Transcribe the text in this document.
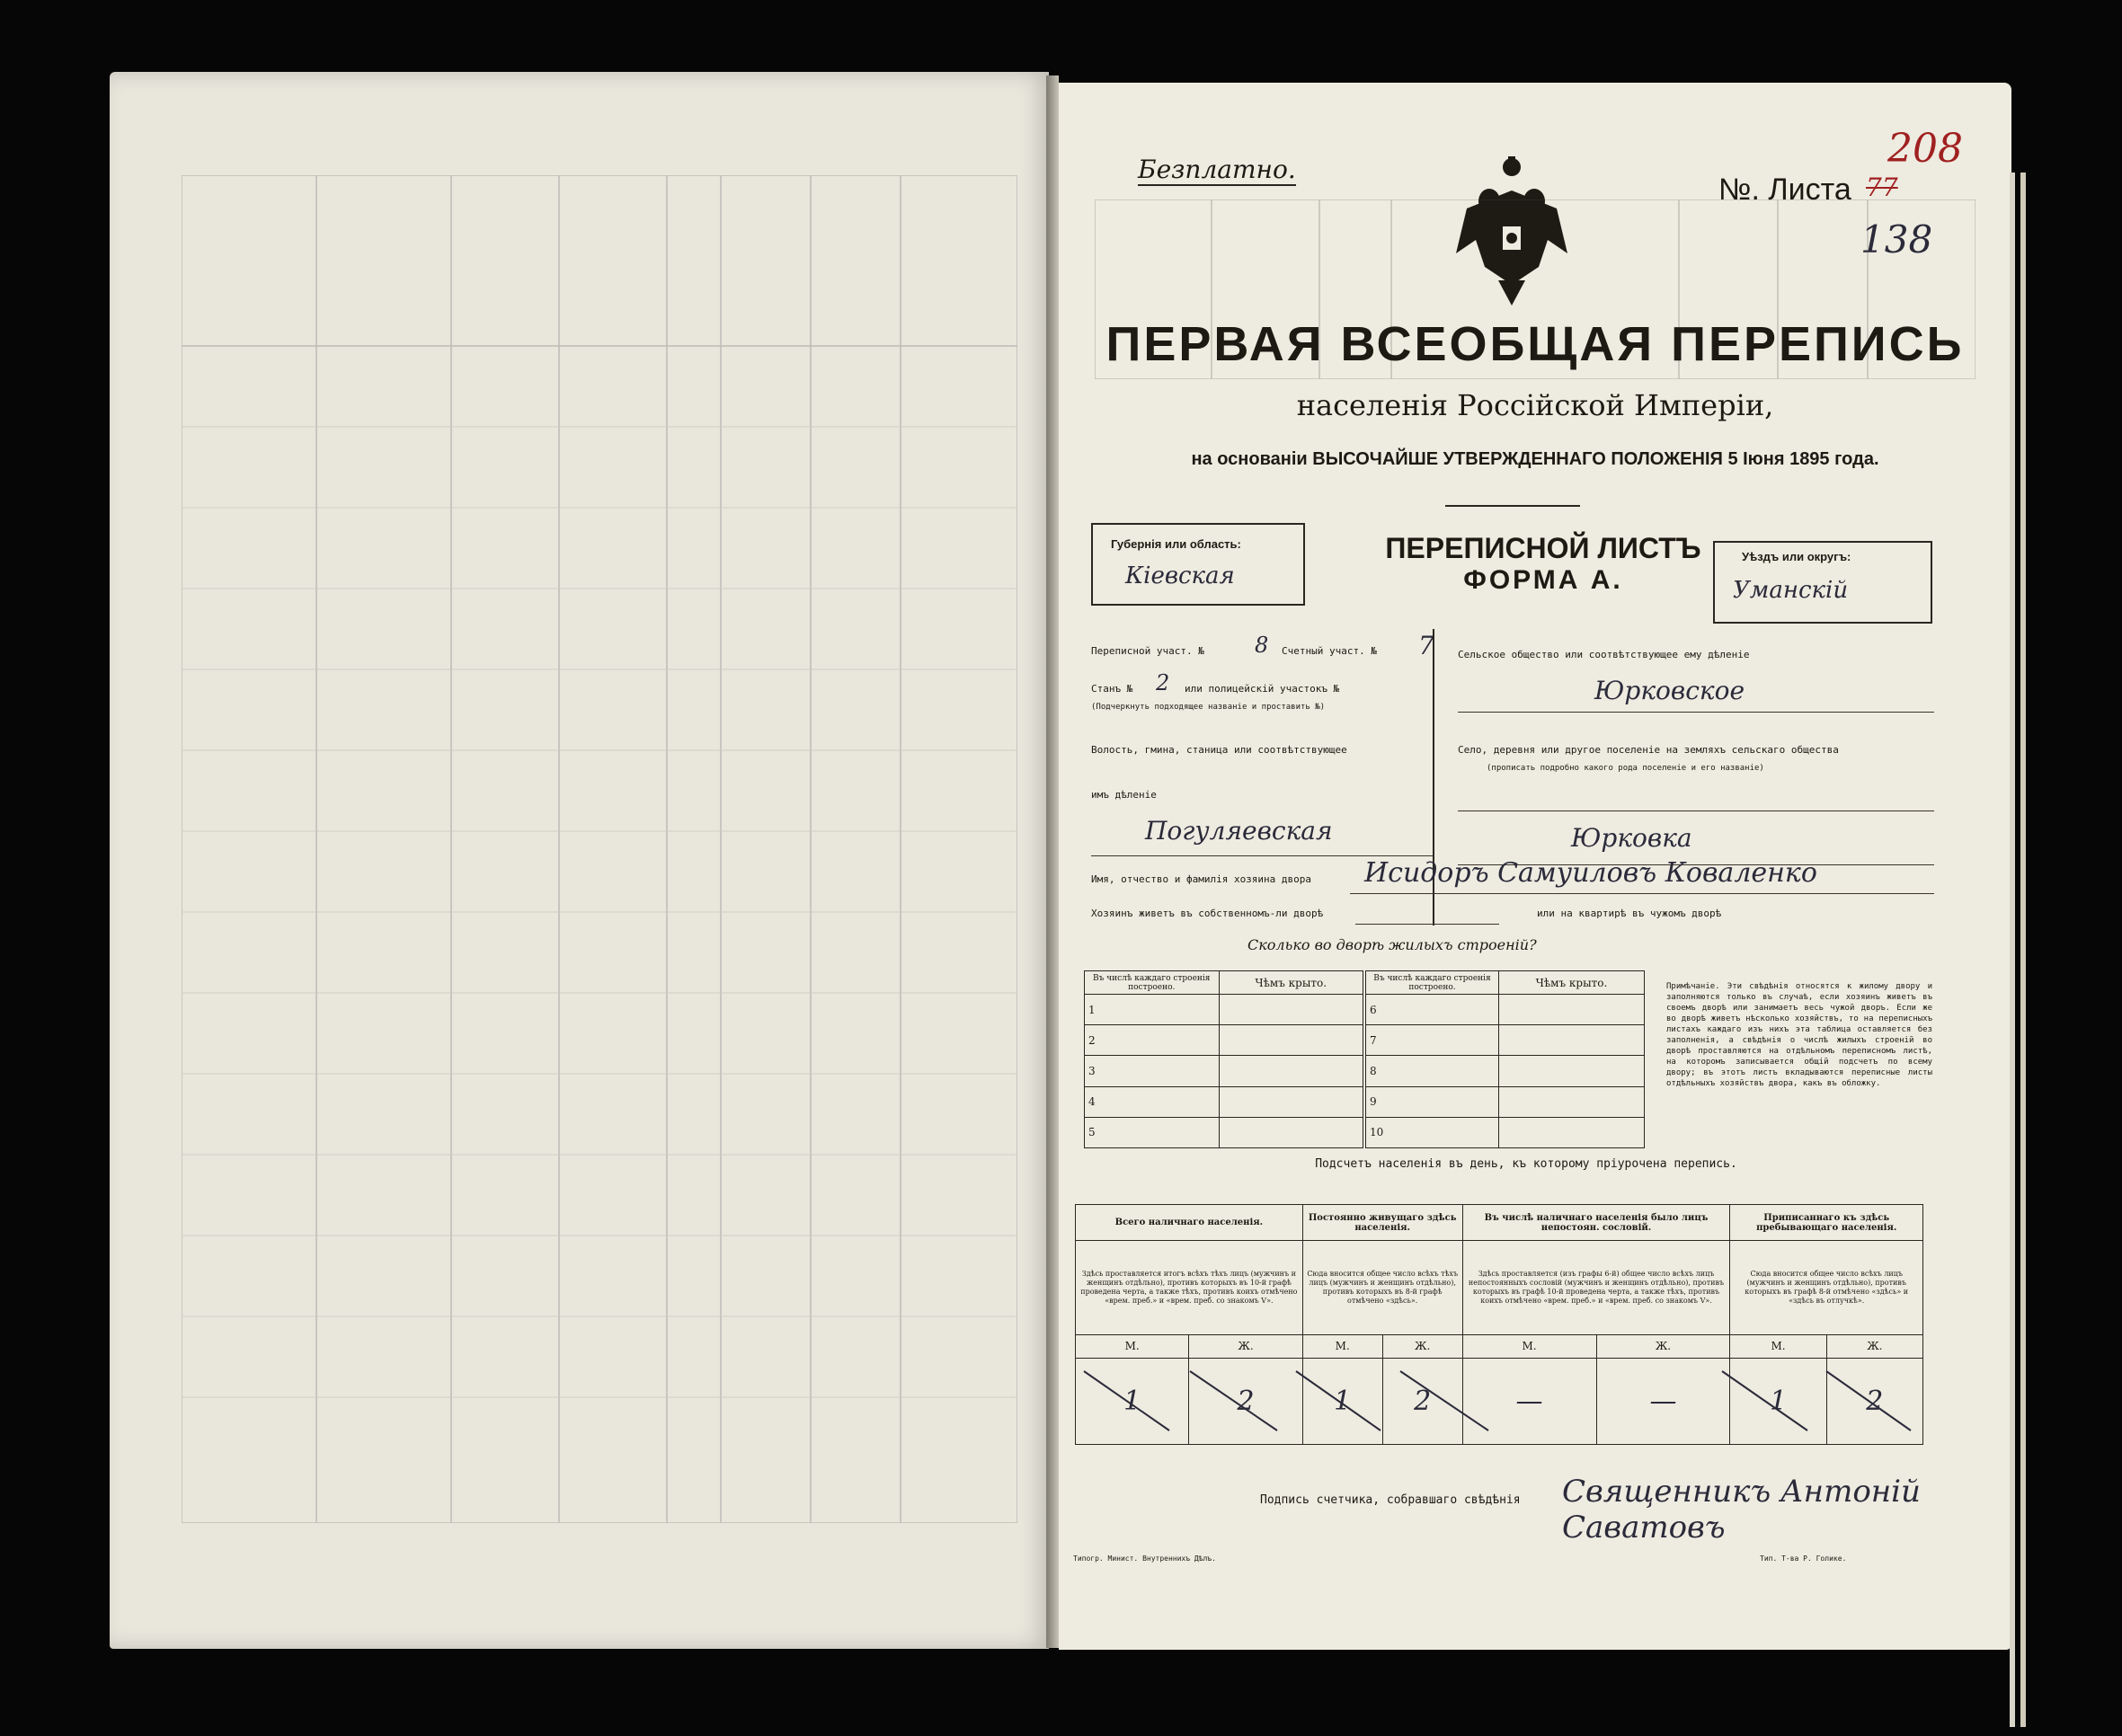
Безплатно.
№. Листа 77
208
138
ПЕРВАЯ ВСЕОБЩАЯ ПЕРЕПИСЬ
населенія Россійской Имперіи,
на основаніи ВЫСОЧАЙШЕ УТВЕРЖДЕННАГО ПОЛОЖЕНІЯ 5 Іюня 1895 года.
Губернія или область:
Кіевская
ПЕРЕПИСНОЙ ЛИСТЪ
ФОРМА А.
Уѣздъ или округъ:
Уманскій
Переписной участ. № 8 Счетный участ. № 7
Станъ № 2 или полицейскій участокъ №
(Подчеркнуть подходящее названіе и проставить №)
Волость, гмина, станица или соотвѣтствующее
имъ дѣленіе
Погуляевская
Сельское общество или соотвѣтствующее ему дѣленіе
Юрковское
Село, деревня или другое поселеніе на земляхъ сельскаго общества
(прописать подробно какого рода поселеніе и его названіе)
Юрковка
Имя, отчество и фамилія хозяина двора Исидоръ Самуиловъ Коваленко
Хозяинъ живетъ въ собственномъ-ли дворѣ	или на квартирѣ въ чужомъ дворѣ
Сколько во дворѣ жилыхъ строеній?
Въ числѣ каждаго строенія построено.	Чѣмъ крыто.	Въ числѣ каждаго строенія построено.	Чѣмъ крыто.
1		6	
2		7	
3		8	
4		9	
5		10	
Примѣчаніе. Эти свѣдѣнія относятся к жилому двору и заполняются только въ случаѣ, если хозяинъ живетъ въ своемъ дворѣ или занимаетъ весь чужой дворъ. Если же во дворѣ живетъ нѣсколько хозяйствъ, то на переписныхъ листахъ каждаго изъ нихъ эта таблица оставляется без заполненія, а свѣдѣнія о числѣ жилыхъ строеній во дворѣ проставляются на отдѣльномъ переписномъ листѣ, на которомъ записывается общій подсчетъ по всему двору; въ этотъ листъ вкладываются переписные листы отдѣльныхъ хозяйствъ двора, какъ въ обложку.
Подсчетъ населенія въ день, къ которому пріурочена перепись.
Всего наличнаго населенія.		Постоянно живущаго здѣсь населенія.		Въ числѣ наличнаго населенія было лицъ непостоян. сословій.		Приписаннаго къ здѣсь пребывающаго населенія.	
Здѣсь проставляется итогъ всѣхъ тѣхъ лицъ (мужчинъ и женщинъ отдѣльно), противъ которыхъ въ 10-й графѣ проведена черта, а также тѣхъ, противъ коихъ отмѣчено «врем. преб.» и «врем. преб. со знакомъ V».		Сюда вносится общее число всѣхъ тѣхъ лицъ (мужчинъ и женщинъ отдѣльно), противъ которыхъ въ 8-й графѣ отмѣчено «здѣсь».		Здѣсь проставляется (изъ графы 6-й) общее число всѣхъ лицъ непостоянныхъ сословій (мужчинъ и женщинъ отдѣльно), противъ которыхъ въ графѣ 10-й проведена черта, а также тѣхъ, противъ коихъ отмѣчено «врем. преб.» и «врем. преб. со знакомъ V».		Сюда вносится общее число всѣхъ лицъ (мужчинъ и женщинъ отдѣльно), противъ которыхъ въ графѣ 8-й отмѣчено «здѣсь» и «здѣсь въ отлучкѣ».	
М.	Ж.	М.	Ж.	М.	Ж.	М.	Ж.
1	2	1	2	—	—	1	2
Подпись счетчика, собравшаго свѣдѣнія Священникъ Антоній Саватовъ
Типогр. Минист. Внутреннихъ Дѣлъ.	Тип. Т-ва Р. Голике.
